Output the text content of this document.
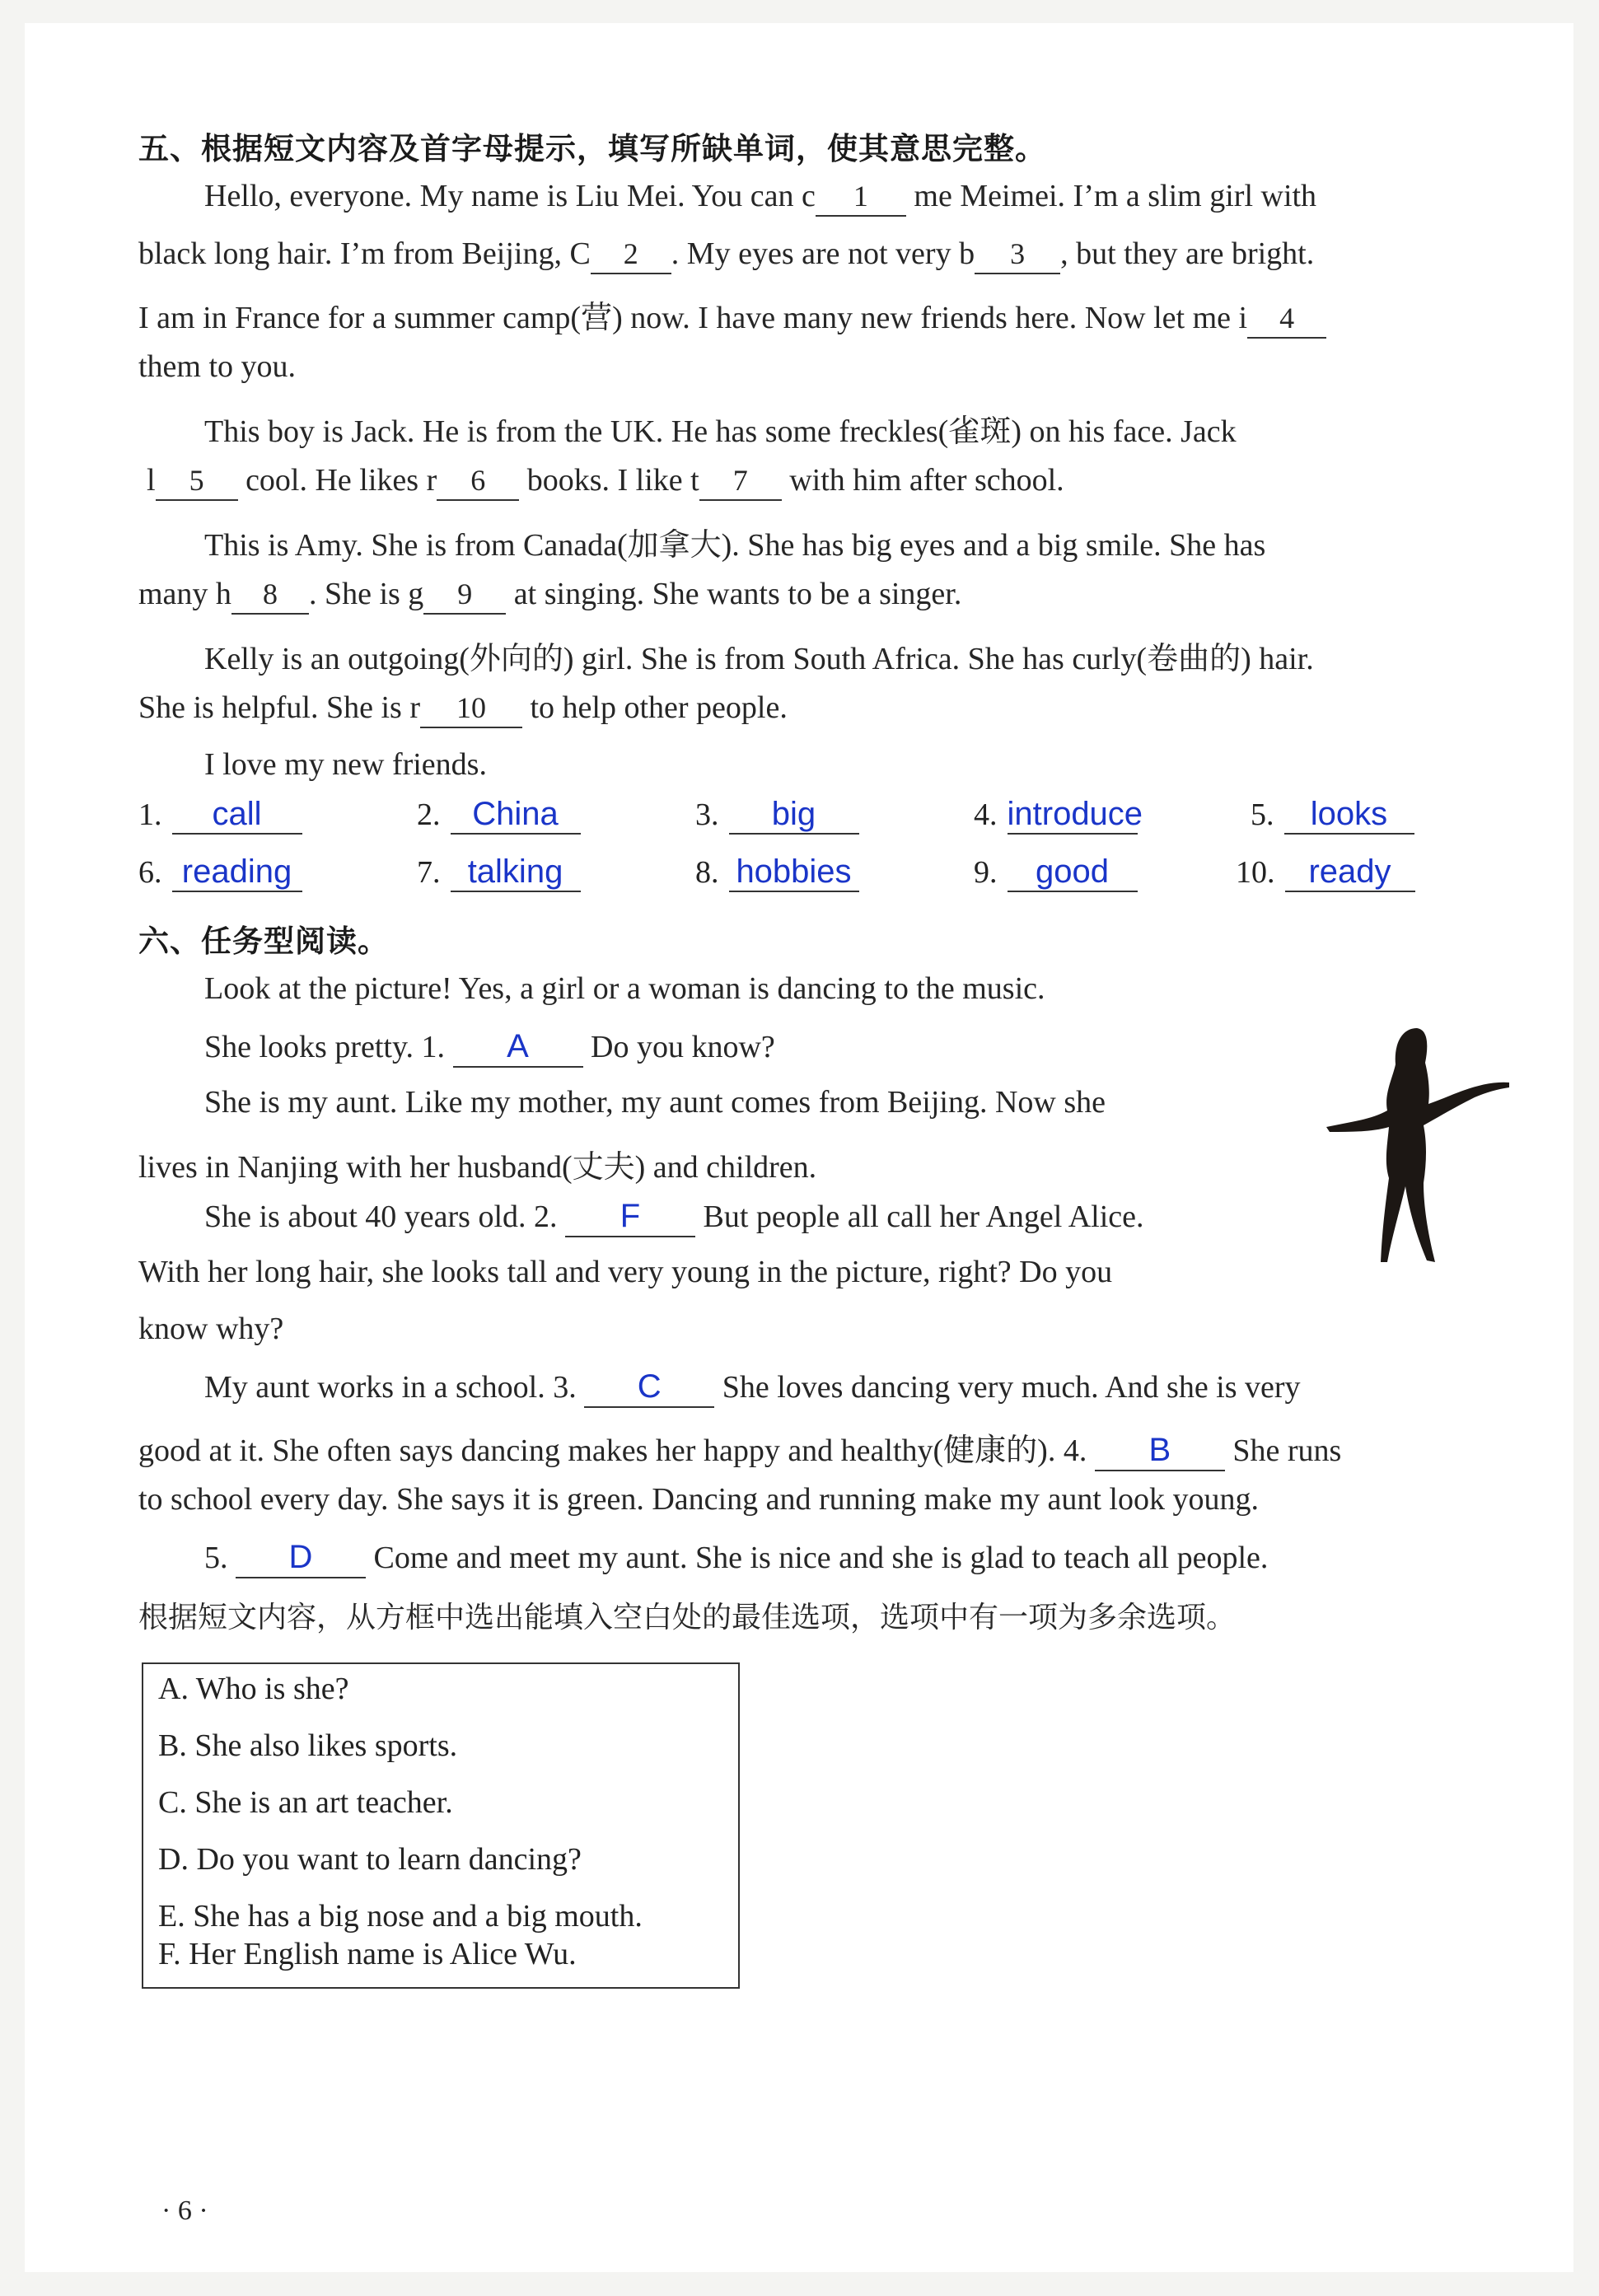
五、根据短文内容及首字母提示，填写所缺单词，使其意思完整。
Hello, everyone. My name is Liu Mei. You can c 1 me Meimei. I’m a slim girl with
black long hair. I’m from Beijing, C 2 . My eyes are not very b 3 , but they are bright.
I am in France for a summer camp(营) now. I have many new friends here. Now let me i 4
them to you.
This boy is Jack. He is from the UK. He has some freckles(雀斑) on his face. Jack
l 5 cool. He likes r 6 books. I like t 7 with him after school.
This is Amy. She is from Canada(加拿大). She has big eyes and a big smile. She has
many h 8 . She is g 9 at singing. She wants to be a singer.
Kelly is an outgoing(外向的) girl. She is from South Africa. She has curly(卷曲的) hair.
She is helpful. She is r 10 to help other people.
I love my new friends.
1. call	2. China	3. big	4. introduce	5. looks
6. reading	7. talking	8. hobbies	9. good	10. ready
六、任务型阅读。
Look at the picture! Yes, a girl or a woman is dancing to the music.
She looks pretty. 1. A Do you know?
She is my aunt. Like my mother, my aunt comes from Beijing. Now she
lives in Nanjing with her husband(丈夫) and children.
She is about 40 years old. 2. F But people all call her Angel Alice.
With her long hair, she looks tall and very young in the picture, right? Do you
know why?
My aunt works in a school. 3. C She loves dancing very much. And she is very
good at it. She often says dancing makes her happy and healthy(健康的). 4. B She runs
to school every day. She says it is green. Dancing and running make my aunt look young.
5. D Come and meet my aunt. She is nice and she is glad to teach all people.
根据短文内容，从方框中选出能填入空白处的最佳选项，选项中有一项为多余选项。
A. Who is she?
B. She also likes sports.
C. She is an art teacher.
D. Do you want to learn dancing?
E. She has a big nose and a big mouth.
F. Her English name is Alice Wu.
· 6 ·
